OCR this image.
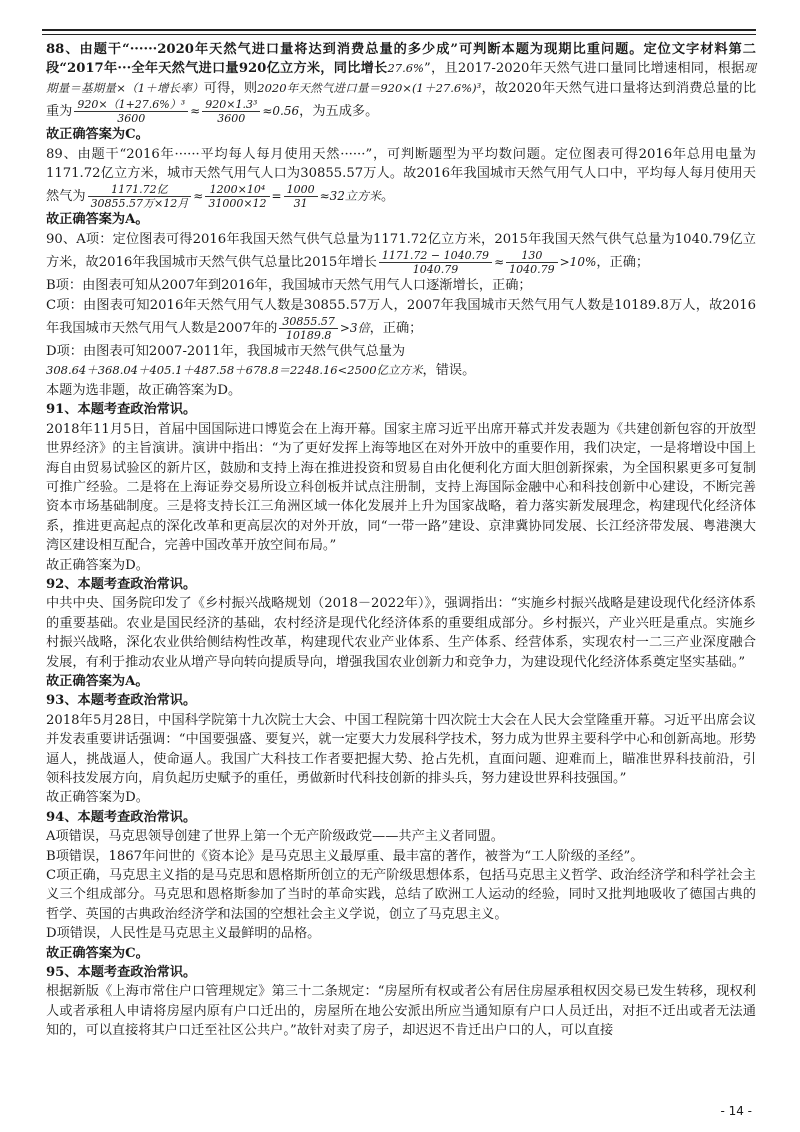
88、由题干“······2020年天然气进口量将达到消费总量的多少成”可判断本题为现期比重问题。定位文字材料第二段“2017年···全年天然气进口量920亿立方米，同比增长27.6%”，且2017-2020年天然气进口量同比增速相同，根据现期量＝基期量×（1＋增长率）可得，则2020年天然气进口量＝920×(1＋27.6%)³，故2020年天然气进口量将达到消费总量的比重为 $\frac{\text{920×（1+27.6\%）³}}{3600} \approx \frac{\text{920×1.3³}}{3600} \approx 0.56$，为五成多。

故正确答案为C。

89、由题干“2016年······平均每人每月使用天然······”，可判断题型为平均数问题。定位图表可得2016年总用电量为1171.72亿立方米，城市天然气用气人口为30855.57万人。故2016年我国城市天然气用气人口中，平均每人每月使用天然气为 $\frac{\text{1171.72亿}}{\text{30855.57万×12月}} \approx \frac{\text{1200×10⁴}}{31000\times 12} = \frac{1000}{31} \approx 32$立方米。

故正确答案为A。

90、A项：定位图表可得2016年我国天然气供气总量为1171.72亿立方米，2015年我国天然气供气总量为1040.79亿立方米，故2016年我国城市天然气供气总量比2015年增长 $\frac{1171.72 - 1040.79}{1040.79} \approx \frac{130}{1040.79} >10\%$，正确；

B项：由图表可知从2007年到2016年，我国城市天然气用气人口逐渐增长，正确；

C项：由图表可知2016年天然气用气人数是30855.57万人，2007年我国城市天然气用气人数是10189.8万人，故2016年我国城市天然气用气人数是2007年的 $\frac{30855.57}{10189.8} >3$倍，正确；

D项：由图表可知2007-2011年，我国城市天然气供气总量为
308.64＋368.04＋405.1＋487.58＋678.8＝2248.16<2500亿立方米，错误。

本题为选非题，故正确答案为D。

91、本题考查政治常识。

2018年11月5日，首届中国国际进口博览会在上海开幕。国家主席习近平出席开幕式并发表题为《共建创新包容的开放型世界经济》的主旨演讲。演讲中指出：“为了更好发挥上海等地区在对外开放中的重要作用，我们决定，一是将增设中国上海自由贸易试验区的新片区，鼓励和支持上海在推进投资和贸易自由化便利化方面大胆创新探索，为全国积累更多可复制可推广经验。二是将在上海证券交易所设立科创板并试点注册制，支持上海国际金融中心和科技创新中心建设，不断完善资本市场基础制度。三是将支持长江三角洲区域一体化发展并上升为国家战略，着力落实新发展理念，构建现代化经济体系，推进更高起点的深化改革和更高层次的对外开放，同“一带一路”建设、京津冀协同发展、长江经济带发展、粤港澳大湾区建设相互配合，完善中国改革开放空间布局。”

故正确答案为D。

92、本题考查政治常识。

中共中央、国务院印发了《乡村振兴战略规划（2018－2022年）》，强调指出：“实施乡村振兴战略是建设现代化经济体系的重要基础。农业是国民经济的基础，农村经济是现代化经济体系的重要组成部分。乡村振兴，产业兴旺是重点。实施乡村振兴战略，深化农业供给侧结构性改革，构建现代农业产业体系、生产体系、经营体系，实现农村一二三产业深度融合发展，有利于推动农业从增产导向转向提质导向，增强我国农业创新力和竞争力，为建设现代化经济体系奠定坚实基础。”

故正确答案为A。

93、本题考查政治常识。

2018年5月28日，中国科学院第十九次院士大会、中国工程院第十四次院士大会在人民大会堂隆重开幕。习近平出席会议并发表重要讲话强调：“中国要强盛、要复兴，就一定要大力发展科学技术，努力成为世界主要科学中心和创新高地。形势逼人，挑战逼人，使命逼人。我国广大科技工作者要把握大势、抢占先机，直面问题、迎难而上，瞄准世界科技前沿，引领科技发展方向，肩负起历史赋予的重任，勇做新时代科技创新的排头兵，努力建设世界科技强国。”

故正确答案为D。

94、本题考查政治常识。

A项错误，马克思领导创建了世界上第一个无产阶级政党——共产主义者同盟。

B项错误，1867年问世的《资本论》是马克思主义最厚重、最丰富的著作，被誉为“工人阶级的圣经”。

C项正确，马克思主义指的是马克思和恩格斯所创立的无产阶级思想体系，包括马克思主义哲学、政治经济学和科学社会主义三个组成部分。马克思和恩格斯参加了当时的革命实践，总结了欧洲工人运动的经验，同时又批判地吸收了德国古典的哲学、英国的古典政治经济学和法国的空想社会主义学说，创立了马克思主义。

D项错误，人民性是马克思主义最鲜明的品格。

故正确答案为C。

95、本题考查政治常识。

根据新版《上海市常住户口管理规定》第三十二条规定：“房屋所有权或者公有居住房屋承租权因交易已发生转移，现权利人或者承租人申请将房屋内原有户口迁出的，房屋所在地公安派出所应当通知原有户口人员迁出，对拒不迁出或者无法通知的，可以直接将其户口迁至社区公共户。”故针对卖了房子，却迟迟不肯迁出户口的人，可以直接

- 14 -
